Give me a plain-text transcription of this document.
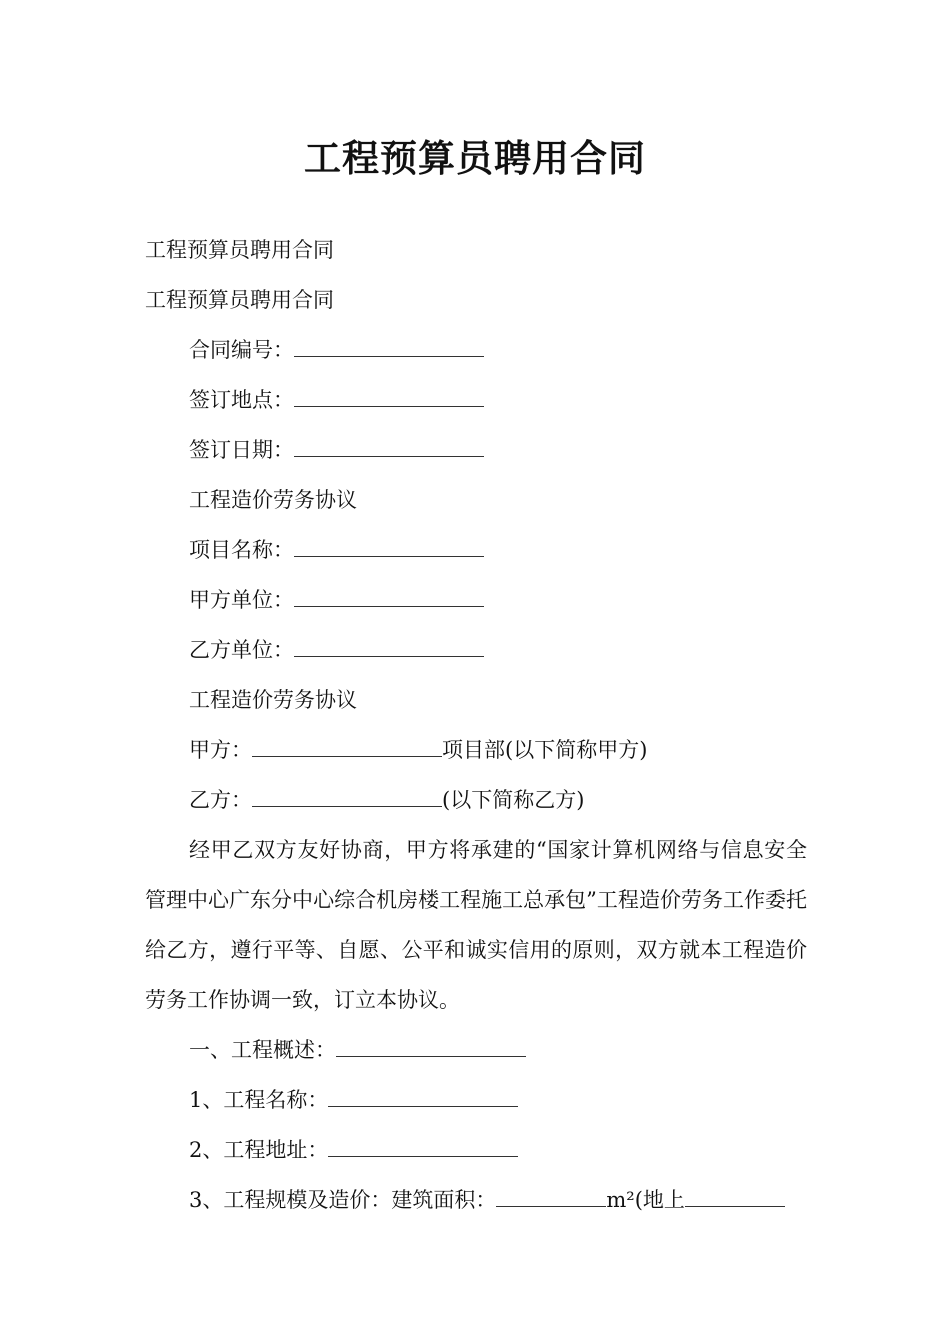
工程预算员聘用合同
工程预算员聘用合同
工程预算员聘用合同
合同编号：
签订地点：
签订日期：
工程造价劳务协议
项目名称：
甲方单位：
乙方单位：
工程造价劳务协议
甲方：	项目部(以下简称甲方)
乙方：	(以下简称乙方)
经甲乙双方友好协商，甲方将承建的“国家计算机网络与信息安全管理中心广东分中心综合机房楼工程施工总承包”工程造价劳务工作委托给乙方，遵行平等、自愿、公平和诚实信用的原则，双方就本工程造价劳务工作协调一致，订立本协议。
一、工程概述：
1、工程名称：
2、工程地址：
3、工程规模及造价：建筑面积：	m²(地上
